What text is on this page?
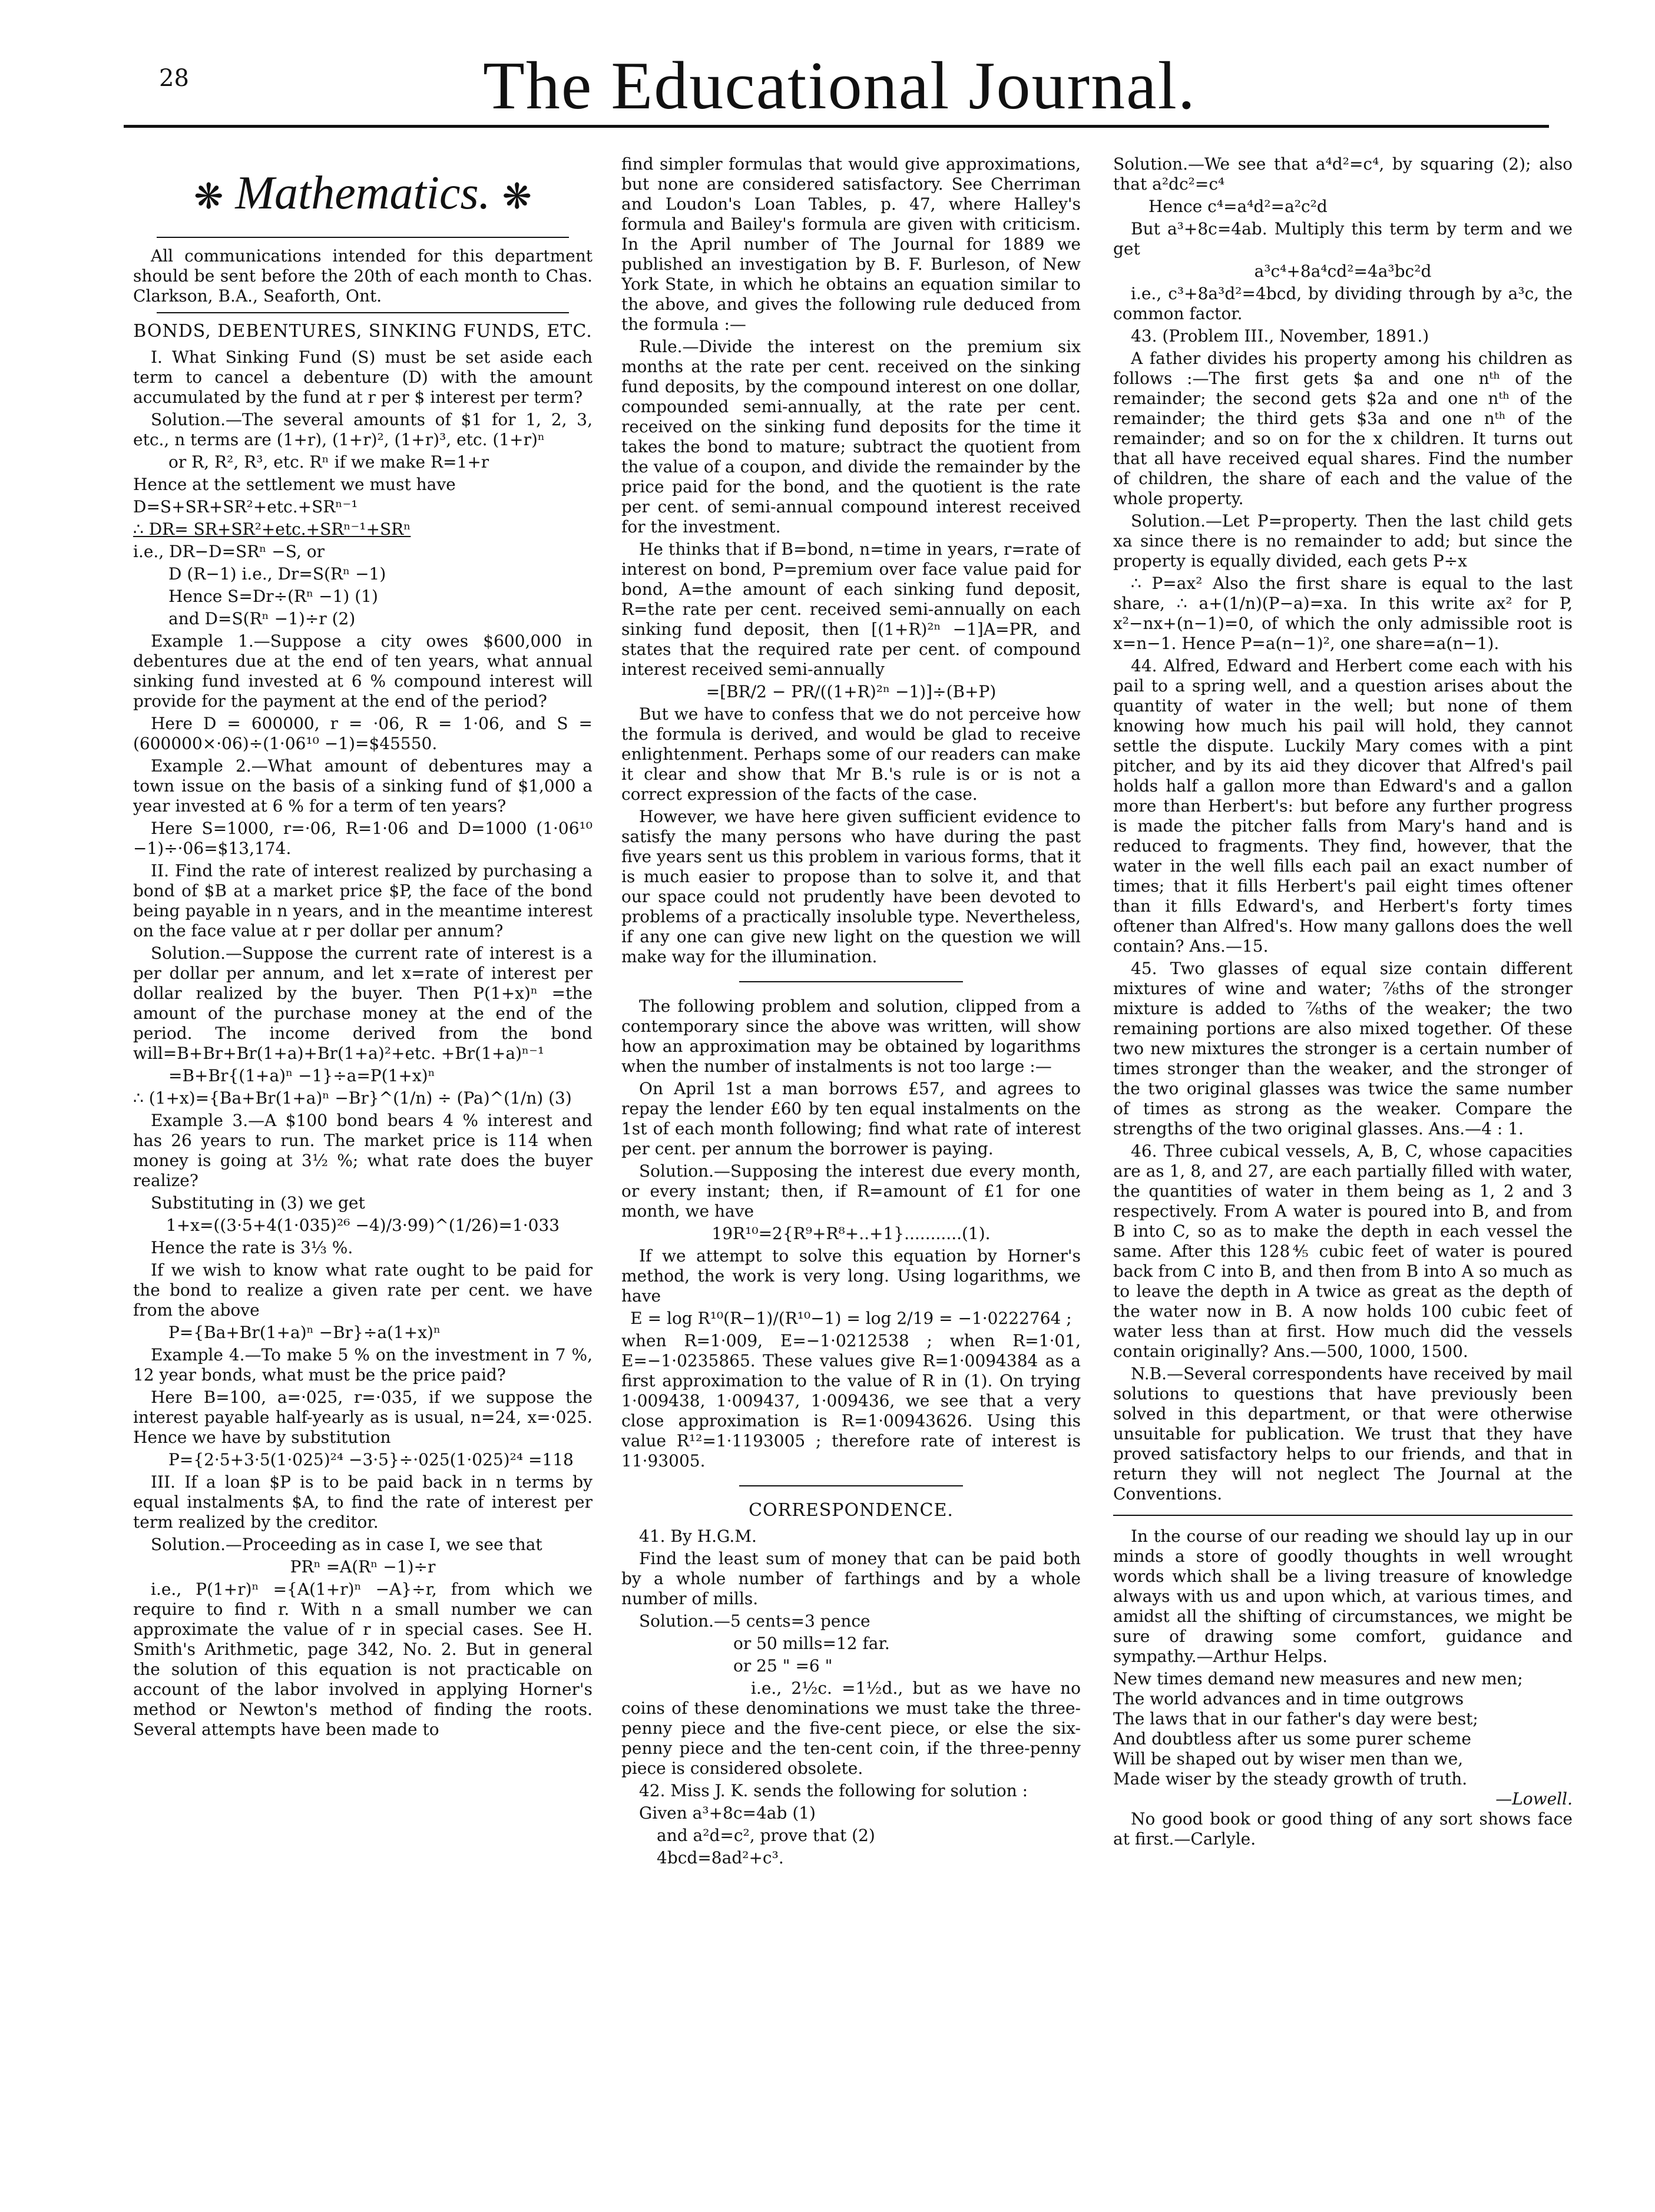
28	The Educational Journal.
❋ Mathematics. ❋

All communications intended for this department should be sent before the 20th of each month to Chas. Clarkson, B.A., Seaforth, Ont.

BONDS, DEBENTURES, SINKING FUNDS, ETC.

I. What Sinking Fund (S) must be set aside each term to cancel a debenture (D) with the amount accumulated by the fund at r per $ interest per term?

Solution.—The several amounts of $1 for 1, 2, 3, etc., n terms are (1+r), (1+r)², (1+r)³, etc. (1+r)ⁿ

or R, R², R³, etc. Rⁿ if we make R=1+r

Hence at the settlement we must have

D=S+SR+SR²+etc.+SRⁿ⁻¹

∴ DR= SR+SR²+etc.+SRⁿ⁻¹+SRⁿ

i.e., DR−D=SRⁿ −S, or

D (R−1) i.e., Dr=S(Rⁿ −1)

Hence S=Dr÷(Rⁿ −1) (1)

and D=S(Rⁿ −1)÷r (2)

Example 1.—Suppose a city owes $600,000 in debentures due at the end of ten years, what annual sinking fund invested at 6 % compound interest will provide for the payment at the end of the period?

Here D = 600000, r = ·06, R = 1·06, and S = (600000×·06)÷(1·06¹⁰ −1)=$45550.

Example 2.—What amount of debentures may a town issue on the basis of a sinking fund of $1,000 a year invested at 6 % for a term of ten years?

Here S=1000, r=·06, R=1·06 and D=1000 (1·06¹⁰ −1)÷·06=$13,174.

II. Find the rate of interest realized by purchasing a bond of $B at a market price $P, the face of the bond being payable in n years, and in the meantime interest on the face value at r per dollar per annum?

Solution.—Suppose the current rate of interest is a per dollar per annum, and let x=rate of interest per dollar realized by the buyer. Then P(1+x)ⁿ =the amount of the purchase money at the end of the period. The income derived from the bond will=B+Br+Br(1+a)+Br(1+a)²+etc. +Br(1+a)ⁿ⁻¹

=B+Br{(1+a)ⁿ −1}÷a=P(1+x)ⁿ

∴ (1+x)={Ba+Br(1+a)ⁿ −Br}^(1/n) ÷ (Pa)^(1/n) (3)

Example 3.—A $100 bond bears 4 % interest and has 26 years to run. The market price is 114 when money is going at 3½ %; what rate does the buyer realize?

Substituting in (3) we get

1+x=((3·5+4(1·035)²⁶ −4)/3·99)^(1/26)=1·033

Hence the rate is 3⅓ %.

If we wish to know what rate ought to be paid for the bond to realize a given rate per cent. we have from the above

P={Ba+Br(1+a)ⁿ −Br}÷a(1+x)ⁿ

Example 4.—To make 5 % on the investment in 7 %, 12 year bonds, what must be the price paid?

Here B=100, a=·025, r=·035, if we suppose the interest payable half-yearly as is usual, n=24, x=·025. Hence we have by substitution

P={2·5+3·5(1·025)²⁴ −3·5}÷·025(1·025)²⁴ =118

III. If a loan $P is to be paid back in n terms by equal instalments $A, to find the rate of interest per term realized by the creditor.

Solution.—Proceeding as in case I, we see that

PRⁿ =A(Rⁿ −1)÷r

i.e., P(1+r)ⁿ ={A(1+r)ⁿ −A}÷r, from which we require to find r. With n a small number we can approximate the value of r in special cases. See H. Smith's Arithmetic, page 342, No. 2. But in general the solution of this equation is not practicable on account of the labor involved in applying Horner's method or Newton's method of finding the roots. Several attempts have been made to

find simpler formulas that would give approximations, but none are considered satisfactory. See Cherriman and Loudon's Loan Tables, p. 47, where Halley's formula and Bailey's formula are given with criticism. In the April number of The Journal for 1889 we published an investigation by B. F. Burleson, of New York State, in which he obtains an equation similar to the above, and gives the following rule deduced from the formula :—

Rule.—Divide the interest on the premium six months at the rate per cent. received on the sinking fund deposits, by the compound interest on one dollar, compounded semi-annually, at the rate per cent. received on the sinking fund deposits for the time it takes the bond to mature; subtract the quotient from the value of a coupon, and divide the remainder by the price paid for the bond, and the quotient is the rate per cent. of semi-annual compound interest received for the investment.

He thinks that if B=bond, n=time in years, r=rate of interest on bond, P=premium over face value paid for bond, A=the amount of each sinking fund deposit, R=the rate per cent. received semi-annually on each sinking fund deposit, then [(1+R)²ⁿ −1]A=PR, and states that the required rate per cent. of compound interest received semi-annually

=[BR/2 − PR/((1+R)²ⁿ −1)]÷(B+P)

But we have to confess that we do not perceive how the formula is derived, and would be glad to receive enlightenment. Perhaps some of our readers can make it clear and show that Mr B.'s rule is or is not a correct expression of the facts of the case.

However, we have here given sufficient evidence to satisfy the many persons who have during the past five years sent us this problem in various forms, that it is much easier to propose than to solve it, and that our space could not prudently have been devoted to problems of a practically insoluble type. Nevertheless, if any one can give new light on the question we will make way for the illumination.

The following problem and solution, clipped from a contemporary since the above was written, will show how an approximation may be obtained by logarithms when the number of instalments is not too large :—

On April 1st a man borrows £57, and agrees to repay the lender £60 by ten equal instalments on the 1st of each month following; find what rate of interest per cent. per annum the borrower is paying.

Solution.—Supposing the interest due every month, or every instant; then, if R=amount of £1 for one month, we have

19R¹⁰=2{R⁹+R⁸+..+1}...........(1).

If we attempt to solve this equation by Horner's method, the work is very long. Using logarithms, we have

E = log R¹⁰(R−1)/(R¹⁰−1) = log 2/19 = −1·0222764 ;

when R=1·009, E=−1·0212538 ; when R=1·01, E=−1·0235865. These values give R=1·0094384 as a first approximation to the value of R in (1). On trying 1·009438, 1·009437, 1·009436, we see that a very close approximation is R=1·00943626. Using this value R¹²=1·1193005 ; therefore rate of interest is 11·93005.

CORRESPONDENCE.

41. By H.G.M.

Find the least sum of money that can be paid both by a whole number of farthings and by a whole number of mills.

Solution.—5 cents=3 pence

or 50 mills=12 far.

or 25 " =6 "

i.e., 2½c. =1½d., but as we have no coins of these denominations we must take the three-penny piece and the five-cent piece, or else the six-penny piece and the ten-cent coin, if the three-penny piece is considered obsolete.

42. Miss J. K. sends the following for solution :

Given a³+8c=4ab (1)

and a²d=c², prove that (2)

4bcd=8ad²+c³.

Solution.—We see that a⁴d²=c⁴, by squaring (2); also that a²dc²=c⁴

Hence c⁴=a⁴d²=a²c²d

But a³+8c=4ab. Multiply this term by term and we get

a³c⁴+8a⁴cd²=4a³bc²d

i.e., c³+8a³d²=4bcd, by dividing through by a³c, the common factor.

43. (Problem III., November, 1891.)

A father divides his property among his children as follows :—The first gets $a and one nᵗʰ of the remainder; the second gets $2a and one nᵗʰ of the remainder; the third gets $3a and one nᵗʰ of the remainder; and so on for the x children. It turns out that all have received equal shares. Find the number of children, the share of each and the value of the whole property.

Solution.—Let P=property. Then the last child gets xa since there is no remainder to add; but since the property is equally divided, each gets P÷x

∴ P=ax² Also the first share is equal to the last share, ∴ a+(1/n)(P−a)=xa. In this write ax² for P, x²−nx+(n−1)=0, of which the only admissible root is x=n−1. Hence P=a(n−1)², one share=a(n−1).

44. Alfred, Edward and Herbert come each with his pail to a spring well, and a question arises about the quantity of water in the well; but none of them knowing how much his pail will hold, they cannot settle the dispute. Luckily Mary comes with a pint pitcher, and by its aid they dicover that Alfred's pail holds half a gallon more than Edward's and a gallon more than Herbert's: but before any further progress is made the pitcher falls from Mary's hand and is reduced to fragments. They find, however, that the water in the well fills each pail an exact number of times; that it fills Herbert's pail eight times oftener than it fills Edward's, and Herbert's forty times oftener than Alfred's. How many gallons does the well contain? Ans.—15.

45. Two glasses of equal size contain different mixtures of wine and water; ⅞ths of the stronger mixture is added to ⅞ths of the weaker; the two remaining portions are also mixed together. Of these two new mixtures the stronger is a certain number of times stronger than the weaker, and the stronger of the two original glasses was twice the same number of times as strong as the weaker. Compare the strengths of the two original glasses. Ans.—4 : 1.

46. Three cubical vessels, A, B, C, whose capacities are as 1, 8, and 27, are each partially filled with water, the quantities of water in them being as 1, 2 and 3 respectively. From A water is poured into B, and from B into C, so as to make the depth in each vessel the same. After this 128⅘ cubic feet of water is poured back from C into B, and then from B into A so much as to leave the depth in A twice as great as the depth of the water now in B. A now holds 100 cubic feet of water less than at first. How much did the vessels contain originally? Ans.—500, 1000, 1500.

N.B.—Several correspondents have received by mail solutions to questions that have previously been solved in this department, or that were otherwise unsuitable for publication. We trust that they have proved satisfactory helps to our friends, and that in return they will not neglect The Journal at the Conventions.

In the course of our reading we should lay up in our minds a store of goodly thoughts in well wrought words which shall be a living treasure of knowledge always with us and upon which, at various times, and amidst all the shifting of circumstances, we might be sure of drawing some comfort, guidance and sympathy.—Arthur Helps.

New times demand new measures and new men;

The world advances and in time outgrows

The laws that in our father's day were best;

And doubtless after us some purer scheme

Will be shaped out by wiser men than we,

Made wiser by the steady growth of truth.

—Lowell.

No good book or good thing of any sort shows face at first.—Carlyle.
